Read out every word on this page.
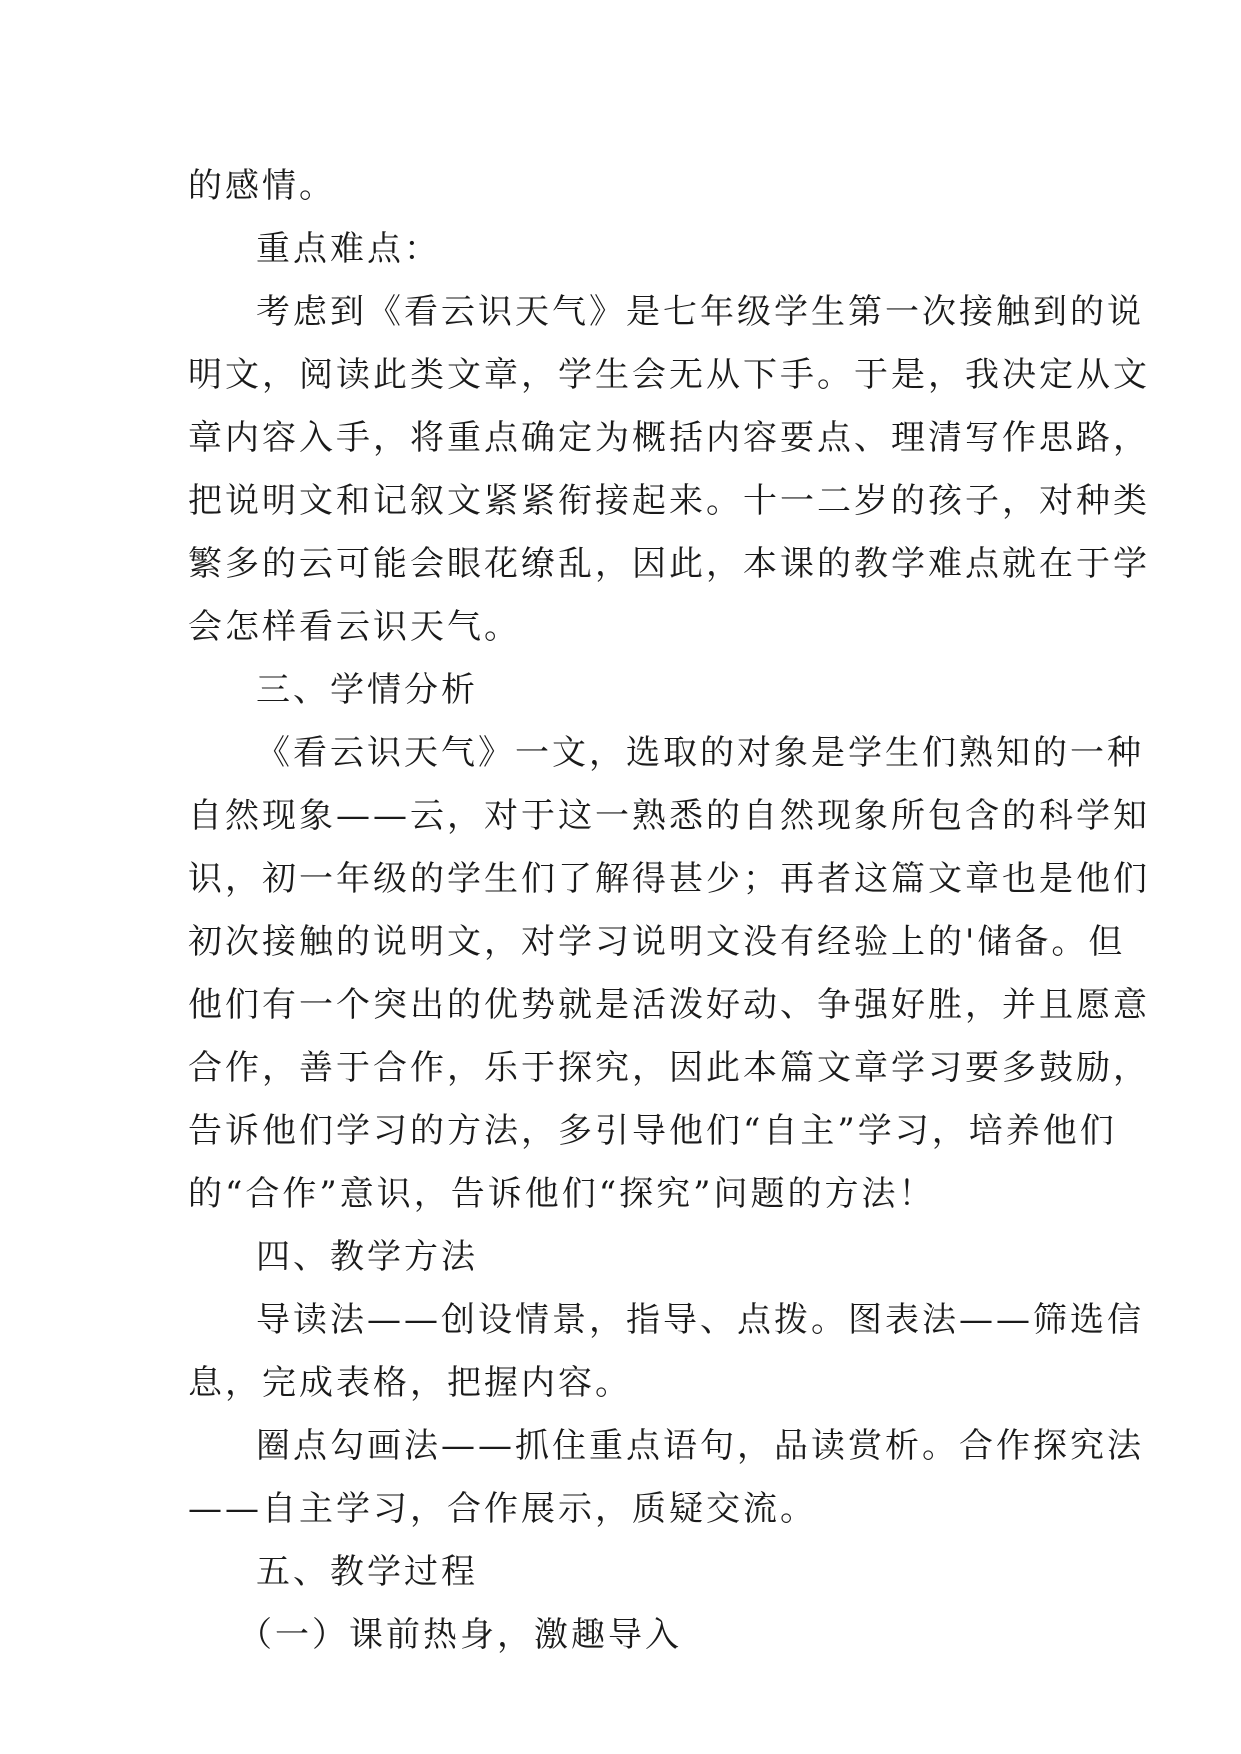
的感情。
重点难点：
考虑到《看云识天气》是七年级学生第一次接触到的说
明文，阅读此类文章，学生会无从下手。于是，我决定从文
章内容入手，将重点确定为概括内容要点、理清写作思路，
把说明文和记叙文紧紧衔接起来。十一二岁的孩子，对种类
繁多的云可能会眼花缭乱，因此，本课的教学难点就在于学
会怎样看云识天气。
三、学情分析
《看云识天气》一文，选取的对象是学生们熟知的一种
自然现象——云，对于这一熟悉的自然现象所包含的科学知
识，初一年级的学生们了解得甚少；再者这篇文章也是他们
初次接触的说明文，对学习说明文没有经验上的'储备。但
他们有一个突出的优势就是活泼好动、争强好胜，并且愿意
合作，善于合作，乐于探究，因此本篇文章学习要多鼓励，
告诉他们学习的方法，多引导他们“自主”学习，培养他们
的“合作”意识，告诉他们“探究”问题的方法！
四、教学方法
导读法——创设情景，指导、点拨。图表法——筛选信
息，完成表格，把握内容。
圈点勾画法——抓住重点语句，品读赏析。合作探究法
——自主学习，合作展示，质疑交流。
五、教学过程
（一）课前热身，激趣导入
